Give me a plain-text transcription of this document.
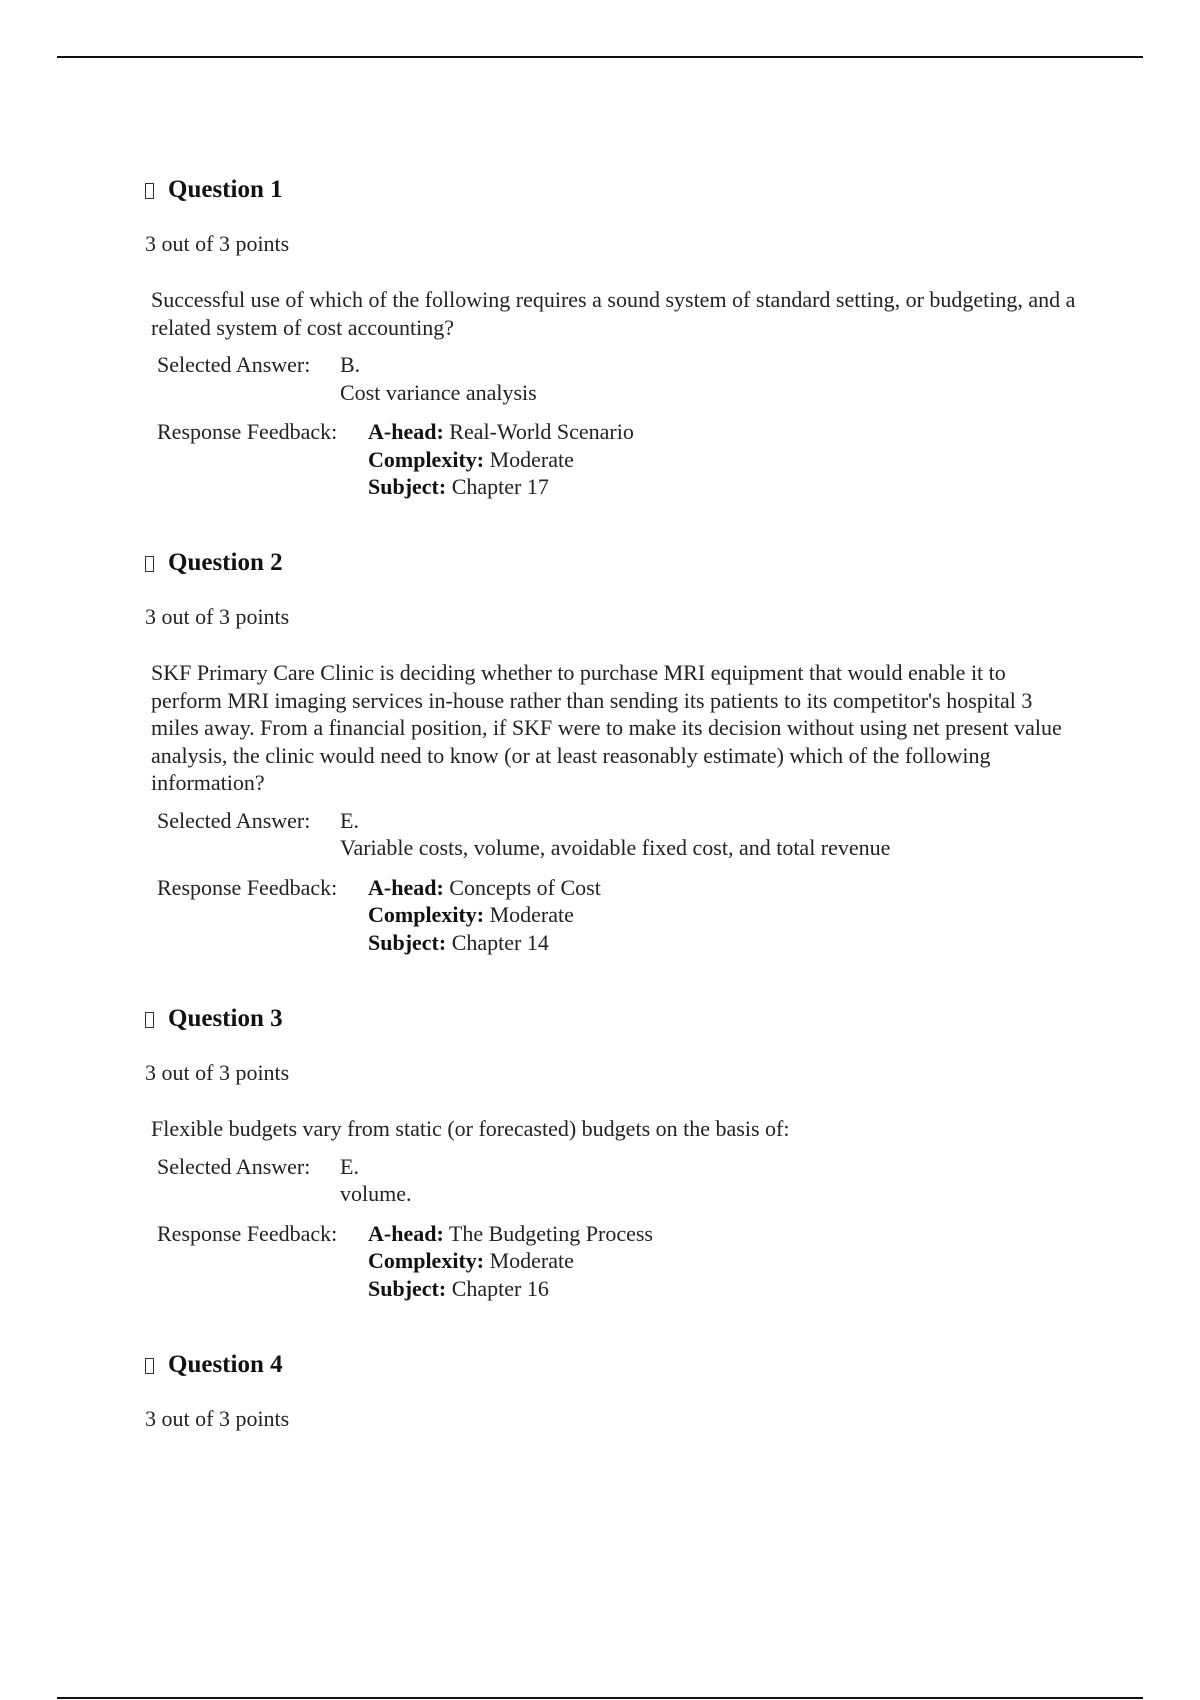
Question 1
3 out of 3 points
Successful use of which of the following requires a sound system of standard setting, or budgeting, and a related system of cost accounting?
Selected Answer:	B.
Cost variance analysis
Response Feedback:	A-head: Real-World Scenario
Complexity: Moderate
Subject: Chapter 17
Question 2
3 out of 3 points
SKF Primary Care Clinic is deciding whether to purchase MRI equipment that would enable it to perform MRI imaging services in-house rather than sending its patients to its competitor's hospital 3 miles away. From a financial position, if SKF were to make its decision without using net present value analysis, the clinic would need to know (or at least reasonably estimate) which of the following information?
Selected Answer:	E.
Variable costs, volume, avoidable fixed cost, and total revenue
Response Feedback:	A-head: Concepts of Cost
Complexity: Moderate
Subject: Chapter 14
Question 3
3 out of 3 points
Flexible budgets vary from static (or forecasted) budgets on the basis of:
Selected Answer:	E.
volume.
Response Feedback:	A-head: The Budgeting Process
Complexity: Moderate
Subject: Chapter 16
Question 4
3 out of 3 points
